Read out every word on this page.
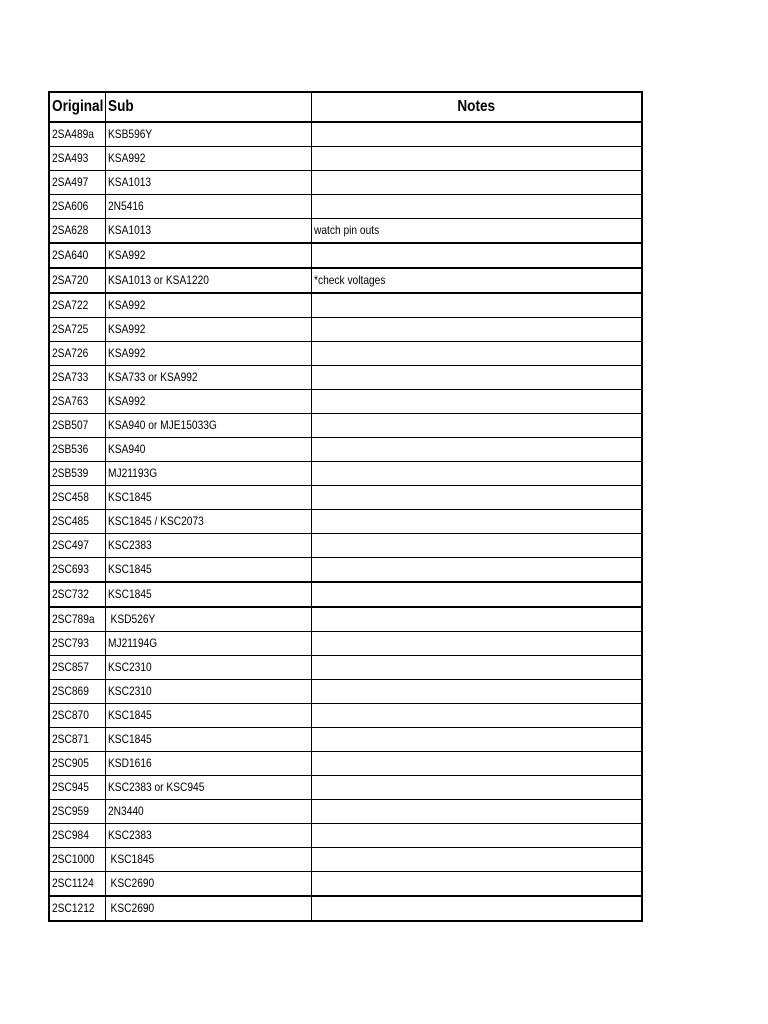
Original	Sub	Notes
2SA489a	KSB596Y	
2SA493	KSA992	
2SA497	KSA1013	
2SA606	2N5416	
2SA628	KSA1013	watch pin outs
2SA640	KSA992	
2SA720	KSA1013 or KSA1220	*check voltages
2SA722	KSA992	
2SA725	KSA992	
2SA726	KSA992	
2SA733	KSA733 or KSA992	
2SA763	KSA992	
2SB507	KSA940 or MJE15033G	
2SB536	KSA940	
2SB539	MJ21193G	
2SC458	KSC1845	
2SC485	KSC1845 / KSC2073	
2SC497	KSC2383	
2SC693	KSC1845	
2SC732	KSC1845	
2SC789a	KSD526Y	
2SC793	MJ21194G	
2SC857	KSC2310	
2SC869	KSC2310	
2SC870	KSC1845	
2SC871	KSC1845	
2SC905	KSD1616	
2SC945	KSC2383 or KSC945	
2SC959	2N3440	
2SC984	KSC2383	
2SC1000	KSC1845	
2SC1124	KSC2690	
2SC1212	KSC2690	
